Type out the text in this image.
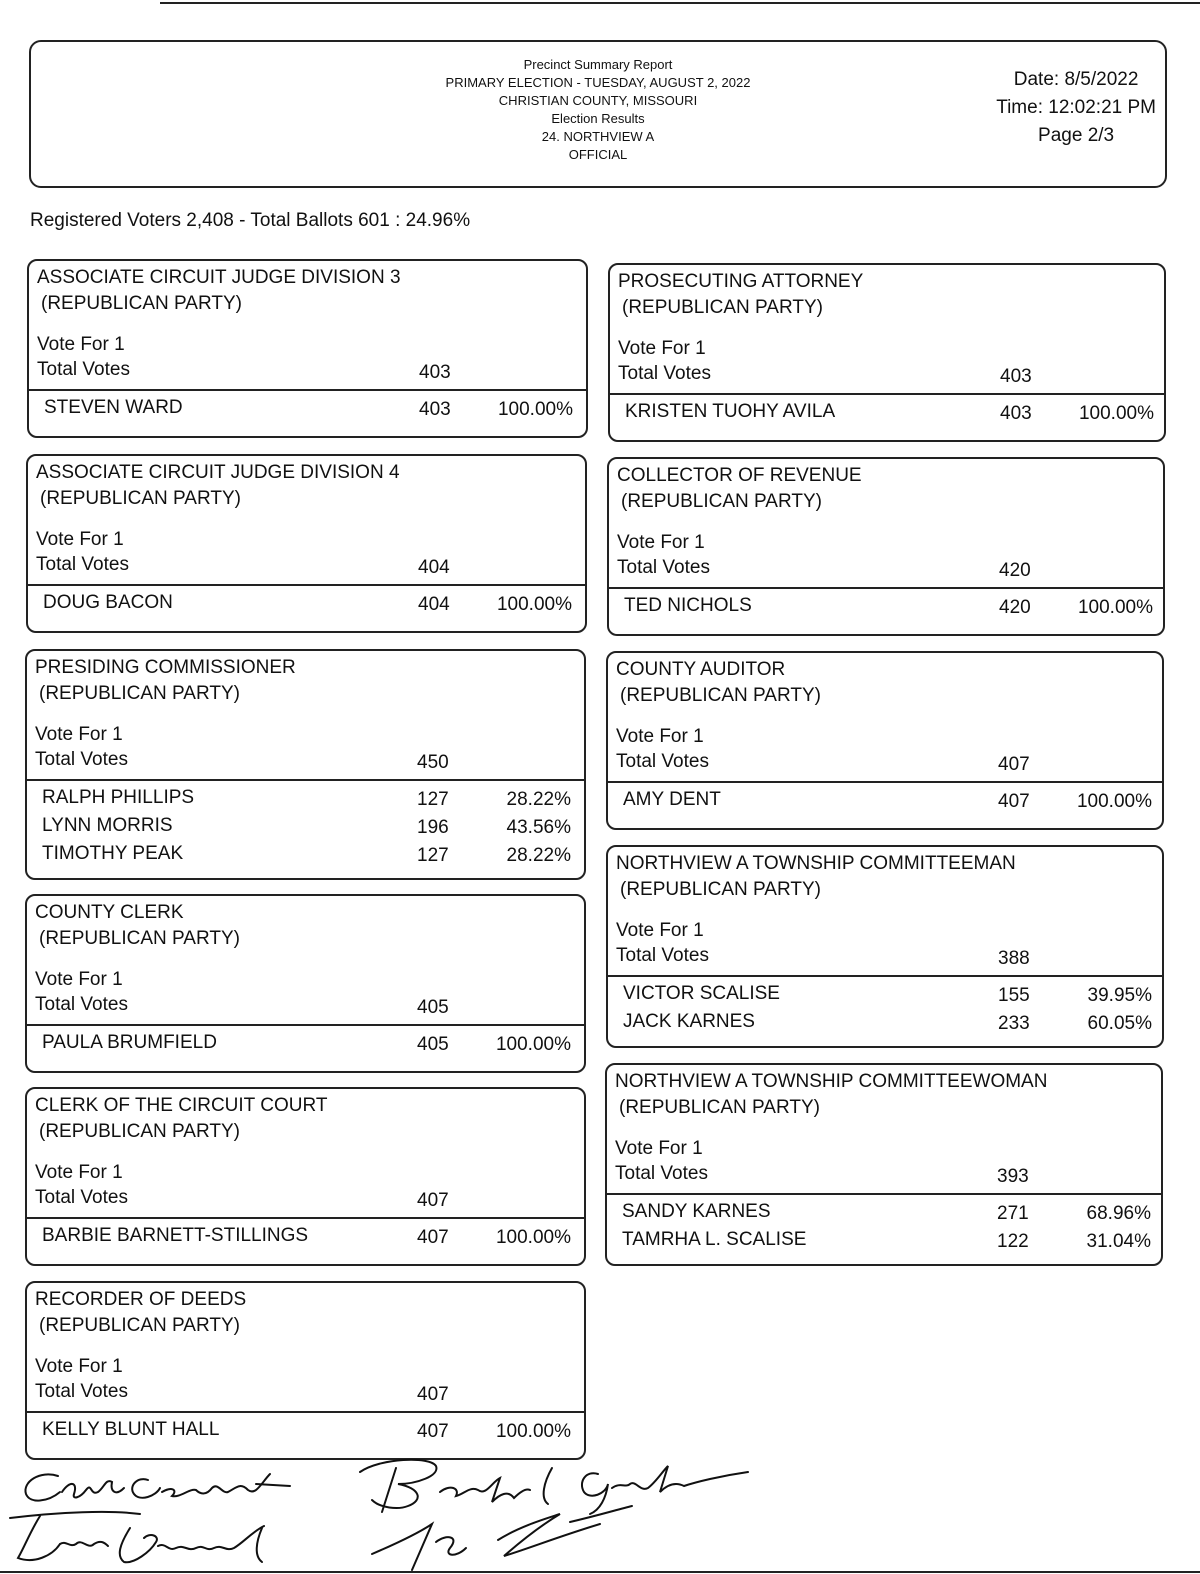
Precinct Summary Report
PRIMARY ELECTION - TUESDAY, AUGUST 2, 2022
CHRISTIAN COUNTY, MISSOURI
Election Results
24. NORTHVIEW A
OFFICIAL
Date: 8/5/2022
Time: 12:02:21 PM
Page 2/3
Registered Voters 2,408 - Total Ballots 601 : 24.96%
ASSOCIATE CIRCUIT JUDGE DIVISION 3
(REPUBLICAN PARTY)
Vote For 1
Total Votes	403
STEVEN WARD	403 100.00%
ASSOCIATE CIRCUIT JUDGE DIVISION 4
(REPUBLICAN PARTY)
Vote For 1
Total Votes	404
DOUG BACON	404 100.00%
PRESIDING COMMISSIONER
(REPUBLICAN PARTY)
Vote For 1
Total Votes	450
RALPH PHILLIPS	127	28.22%
LYNN MORRIS	196	43.56%
TIMOTHY PEAK	127	28.22%
COUNTY CLERK
(REPUBLICAN PARTY)
Vote For 1
Total Votes	405
PAULA BRUMFIELD	405 100.00%
CLERK OF THE CIRCUIT COURT
(REPUBLICAN PARTY)
Vote For 1
Total Votes	407
BARBIE BARNETT-STILLINGS	407 100.00%
RECORDER OF DEEDS
(REPUBLICAN PARTY)
Vote For 1
Total Votes	407
KELLY BLUNT HALL	407 100.00%
PROSECUTING ATTORNEY
(REPUBLICAN PARTY)
Vote For 1
Total Votes	403
KRISTEN TUOHY AVILA	403 100.00%
COLLECTOR OF REVENUE
(REPUBLICAN PARTY)
Vote For 1
Total Votes	420
TED NICHOLS	420 100.00%
COUNTY AUDITOR
(REPUBLICAN PARTY)
Vote For 1
Total Votes	407
AMY DENT	407 100.00%
NORTHVIEW A TOWNSHIP COMMITTEEMAN
(REPUBLICAN PARTY)
Vote For 1
Total Votes	388
VICTOR SCALISE	155	39.95%
JACK KARNES	233	60.05%
NORTHVIEW A TOWNSHIP COMMITTEEWOMAN
(REPUBLICAN PARTY)
Vote For 1
Total Votes	393
SANDY KARNES	271	68.96%
TAMRHA L. SCALISE	122	31.04%
